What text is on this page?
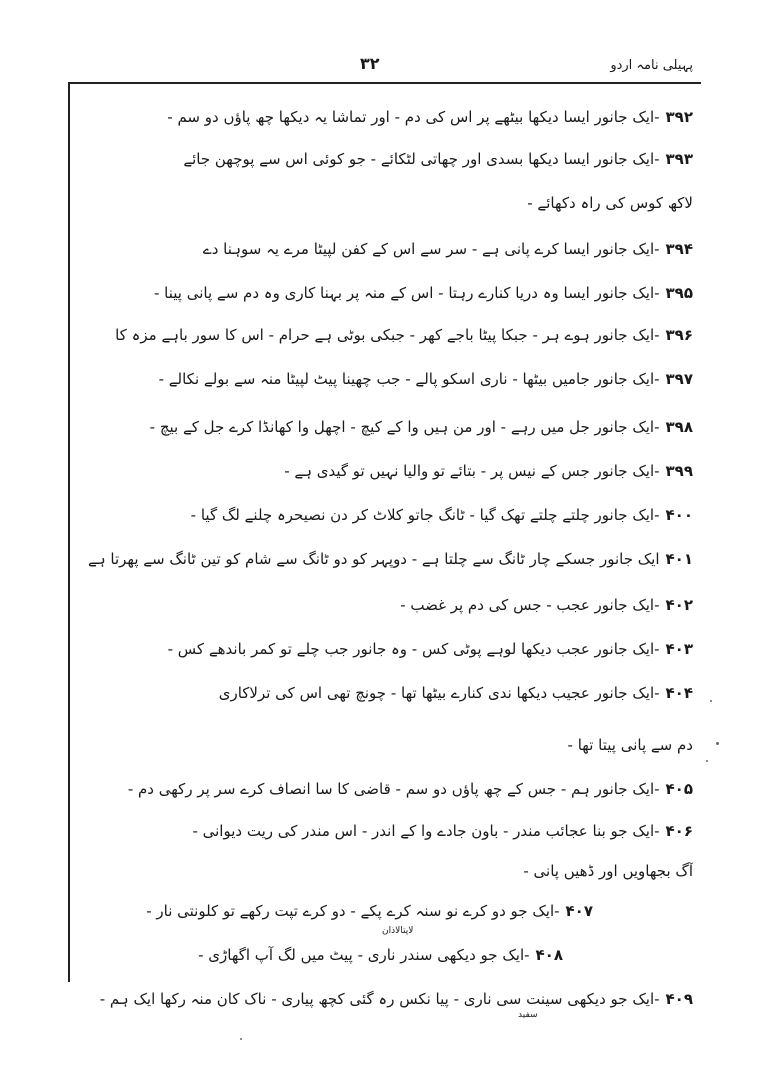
پہیلی نامہ اردو
۳۲
۳۹۲-ایک جانور ایسا دیکھا بیٹھے پر اس کی دم - اور تماشا یہ دیکھا چھ پاؤں دو سم -
۳۹۳-ایک جانور ایسا دیکھا بسدی اور چھاتی لٹکائے - جو کوئی اس سے پوچھن جائے
لاکھ کوس کی راہ دکھائے -
۳۹۴-ایک جانور ایسا کرے پانی ہے - سر سے اس کے کفن لپیٹا مرے یہ سوہنا دے
۳۹۵-ایک جانور ایسا وہ دریا کنارے رہتا - اس کے منہ پر بہنا کاری وہ دم سے پانی پینا -
۳۹۶-ایک جانور ہوے ہر - جبکا پیٹا باجے کھر - جبکی بوٹی ہے حرام - اس کا سور باہے مزہ کا
۳۹۷-ایک جانور جامیں بیٹھا - ناری اسکو پالے - جب چھینا پیٹ لپیٹا منہ سے بولے نکالے -
۳۹۸-ایک جانور جل میں رہے - اور من ہیں وا کے کیچ - اچھل وا کھانڈا کرے جل کے بیچ -
۳۹۹-ایک جانور جس کے نیس پر - بتائے تو والیا نہیں تو گیدی ہے -
۴۰۰-ایک جانور چلتے چلتے تھک گیا - ٹانگ جاتو کلاٹ کر دن نصیحرہ چلنے لگ گیا -
۴۰۱ایک جانور جسکے چار ٹانگ سے چلتا ہے - دوپہر کو دو ٹانگ سے شام کو تین ٹانگ سے پھرتا ہے
۴۰۲-ایک جانور عجب - جس کی دم پر غضب -
۴۰۳-ایک جانور عجب دیکھا لوہے پوٹی کس - وہ جانور جب چلے تو کمر باندھے کس -
۴۰۴-ایک جانور عجیب دیکھا ندی کنارے بیٹھا تھا - چونچ تھی اس کی ترلاکاری
دم سے پانی پیتا تھا -
۴۰۵-ایک جانور ہم - جس کے چھ پاؤں دو سم - قاضی کا سا انصاف کرے سر پر رکھی دم -
۴۰۶-ایک جو بنا عجائب مندر - باون جادے وا کے اندر - اس مندر کی ریت دیوانی -
آگ بجھاویں اور ڈھیں پانی -
۴۰۷-ایک جو دو کرے نو سنہ کرے پکے - دو کرے تپت رکھے تو کلونتی نار -
لاپتالاذان
۴۰۸-ایک جو دیکھی سندر ناری - پیٹ میں لگ آپ اگھاڑی -
سفید
۴۰۹-ایک جو دیکھی سینت سی ناری - پیا نکس رہ گئی کچھ پیاری - ناک کان منہ رکھا ایک ہم -
